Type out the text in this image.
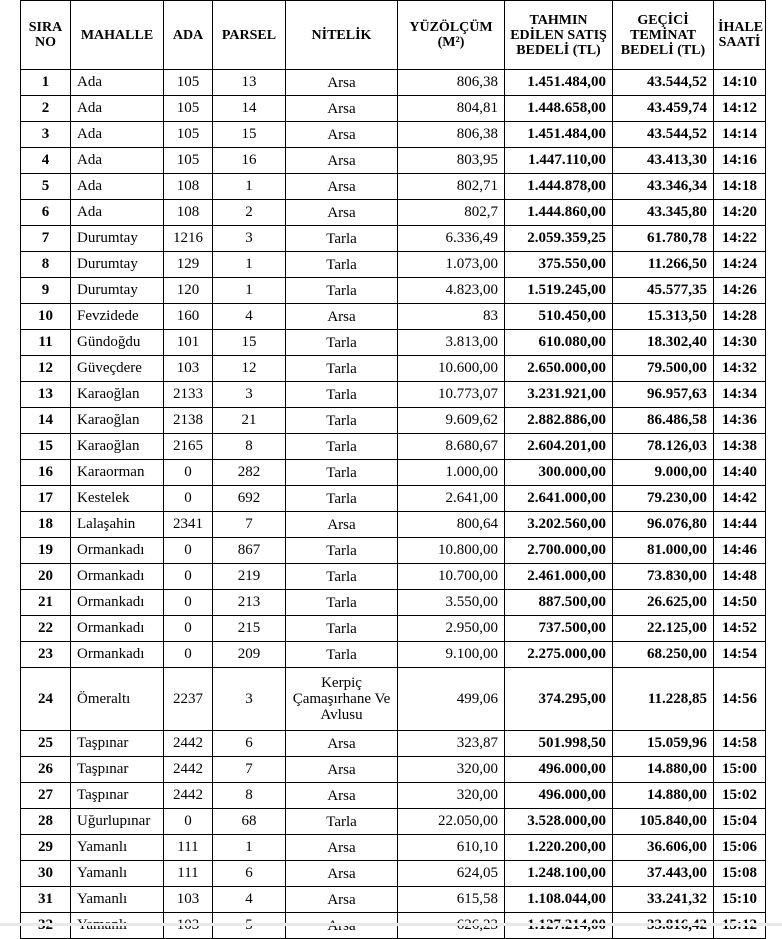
SIRA NO	MAHALLE	ADA	PARSEL	NİTELİK	YÜZÖLÇÜM (M²)	TAHMIN EDİLEN SATIŞ BEDELİ (TL)	GEÇİCİ TEMİNAT BEDELİ (TL)	İHALE SAATİ
1	Ada	105	13	Arsa	806,38	1.451.484,00	43.544,52	14:10
2	Ada	105	14	Arsa	804,81	1.448.658,00	43.459,74	14:12
3	Ada	105	15	Arsa	806,38	1.451.484,00	43.544,52	14:14
4	Ada	105	16	Arsa	803,95	1.447.110,00	43.413,30	14:16
5	Ada	108	1	Arsa	802,71	1.444.878,00	43.346,34	14:18
6	Ada	108	2	Arsa	802,7	1.444.860,00	43.345,80	14:20
7	Durumtay	1216	3	Tarla	6.336,49	2.059.359,25	61.780,78	14:22
8	Durumtay	129	1	Tarla	1.073,00	375.550,00	11.266,50	14:24
9	Durumtay	120	1	Tarla	4.823,00	1.519.245,00	45.577,35	14:26
10	Fevzidede	160	4	Arsa	83	510.450,00	15.313,50	14:28
11	Gündoğdu	101	15	Tarla	3.813,00	610.080,00	18.302,40	14:30
12	Güveçdere	103	12	Tarla	10.600,00	2.650.000,00	79.500,00	14:32
13	Karaoğlan	2133	3	Tarla	10.773,07	3.231.921,00	96.957,63	14:34
14	Karaoğlan	2138	21	Tarla	9.609,62	2.882.886,00	86.486,58	14:36
15	Karaoğlan	2165	8	Tarla	8.680,67	2.604.201,00	78.126,03	14:38
16	Karaorman	0	282	Tarla	1.000,00	300.000,00	9.000,00	14:40
17	Kestelek	0	692	Tarla	2.641,00	2.641.000,00	79.230,00	14:42
18	Lalaşahin	2341	7	Arsa	800,64	3.202.560,00	96.076,80	14:44
19	Ormankadı	0	867	Tarla	10.800,00	2.700.000,00	81.000,00	14:46
20	Ormankadı	0	219	Tarla	10.700,00	2.461.000,00	73.830,00	14:48
21	Ormankadı	0	213	Tarla	3.550,00	887.500,00	26.625,00	14:50
22	Ormankadı	0	215	Tarla	2.950,00	737.500,00	22.125,00	14:52
23	Ormankadı	0	209	Tarla	9.100,00	2.275.000,00	68.250,00	14:54
24	Ömeraltı	2237	3	Kerpiç Çamaşırhane Ve Avlusu	499,06	374.295,00	11.228,85	14:56
25	Taşpınar	2442	6	Arsa	323,87	501.998,50	15.059,96	14:58
26	Taşpınar	2442	7	Arsa	320,00	496.000,00	14.880,00	15:00
27	Taşpınar	2442	8	Arsa	320,00	496.000,00	14.880,00	15:02
28	Uğurlupınar	0	68	Tarla	22.050,00	3.528.000,00	105.840,00	15:04
29	Yamanlı	111	1	Arsa	610,10	1.220.200,00	36.606,00	15:06
30	Yamanlı	111	6	Arsa	624,05	1.248.100,00	37.443,00	15:08
31	Yamanlı	103	4	Arsa	615,58	1.108.044,00	33.241,32	15:10
